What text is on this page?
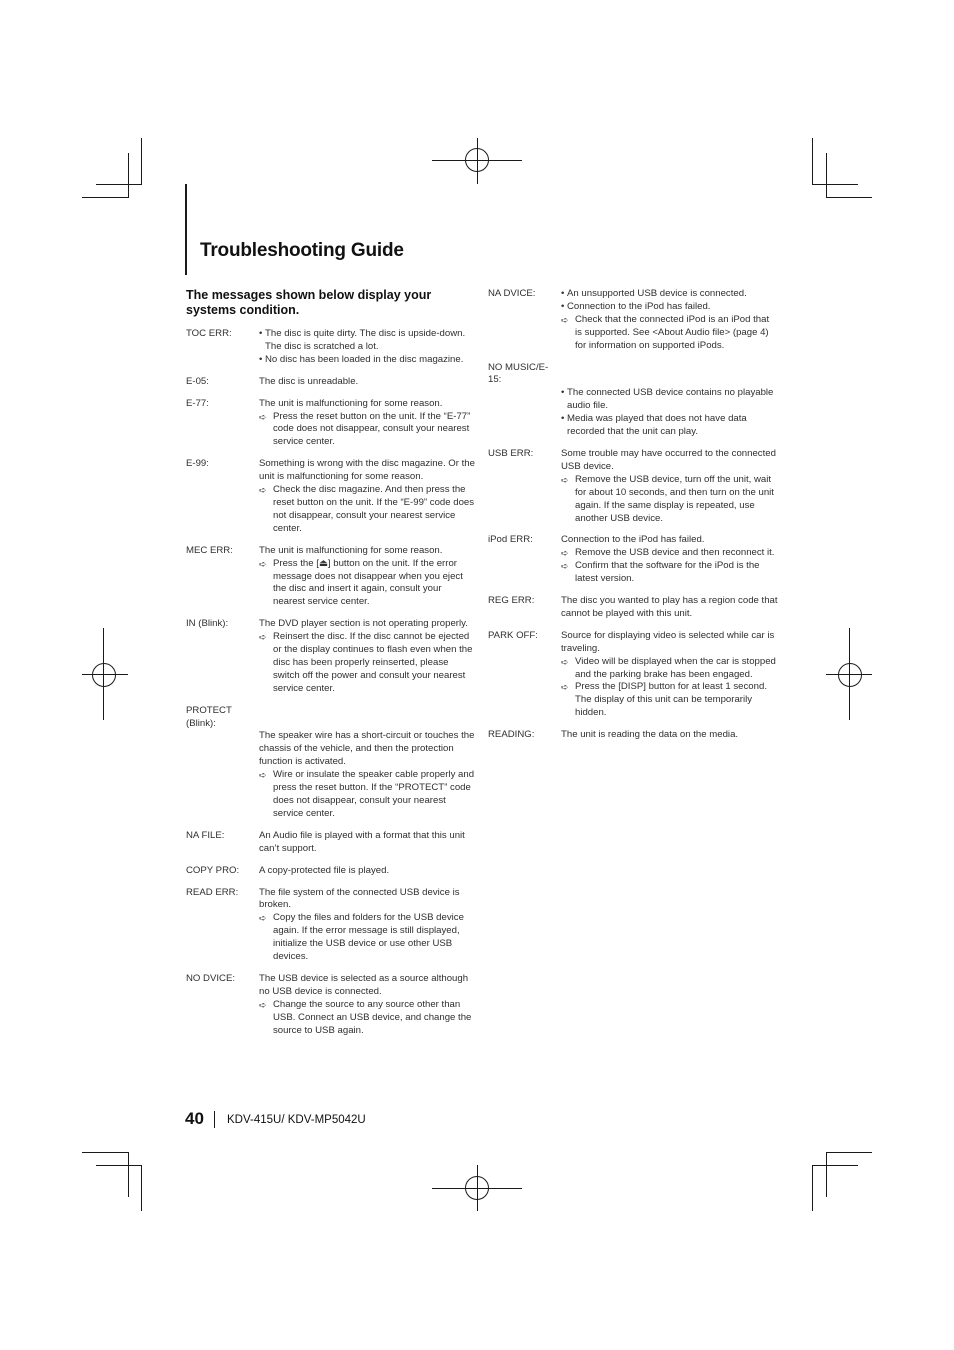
Troubleshooting Guide
The messages shown below display your systems condition.
TOC ERR:	• The disc is quite dirty. The disc is upside-down. The disc is scratched a lot.
• No disc has been loaded in the disc magazine.
E-05:	The disc is unreadable.
E-77:	The unit is malfunctioning for some reason.
➪ Press the reset button on the unit. If the “E-77” code does not disappear, consult your nearest service center.
E-99:	Something is wrong with the disc magazine. Or the unit is malfunctioning for some reason.
➪ Check the disc magazine. And then press the reset button on the unit. If the “E-99” code does not disappear, consult your nearest service center.
MEC ERR:	The unit is malfunctioning for some reason.
➪ Press the [⏏] button on the unit. If the error message does not disappear when you eject the disc and insert it again, consult your nearest service center.
IN (Blink):	The DVD player section is not operating properly.
➪ Reinsert the disc. If the disc cannot be ejected or the display continues to flash even when the disc has been properly reinserted, please switch off the power and consult your nearest service center.
PROTECT (Blink):
The speaker wire has a short-circuit or touches the chassis of the vehicle, and then the protection function is activated.
➪ Wire or insulate the speaker cable properly and press the reset button. If the “PROTECT” code does not disappear, consult your nearest service center.
NA FILE:	An Audio file is played with a format that this unit can’t support.
COPY PRO:	A copy-protected file is played.
READ ERR:	The file system of the connected USB device is broken.
➪ Copy the files and folders for the USB device again. If the error message is still displayed, initialize the USB device or use other USB devices.
NO DVICE:	The USB device is selected as a source although no USB device is connected.
➪ Change the source to any source other than USB. Connect an USB device, and change the source to USB again.
NA DVICE:	• An unsupported USB device is connected.
• Connection to the iPod has failed.
➪ Check that the connected iPod is an iPod that is supported. See <About Audio file> (page 4) for information on supported iPods.
NO MUSIC/E-15:
• The connected USB device contains no playable audio file.
• Media was played that does not have data recorded that the unit can play.
USB ERR:	Some trouble may have occurred to the connected USB device.
➪ Remove the USB device, turn off the unit, wait for about 10 seconds, and then turn on the unit again. If the same display is repeated, use another USB device.
iPod ERR:	Connection to the iPod has failed.
➪ Remove the USB device and then reconnect it.
➪ Confirm that the software for the iPod is the latest version.
REG ERR:	The disc you wanted to play has a region code that cannot be played with this unit.
PARK OFF:	Source for displaying video is selected while car is traveling.
➪ Video will be displayed when the car is stopped and the parking brake has been engaged.
➪ Press the [DISP] button for at least 1 second. The display of this unit can be temporarily hidden.
READING:	The unit is reading the data on the media.
40 KDV-415U/ KDV-MP5042U
